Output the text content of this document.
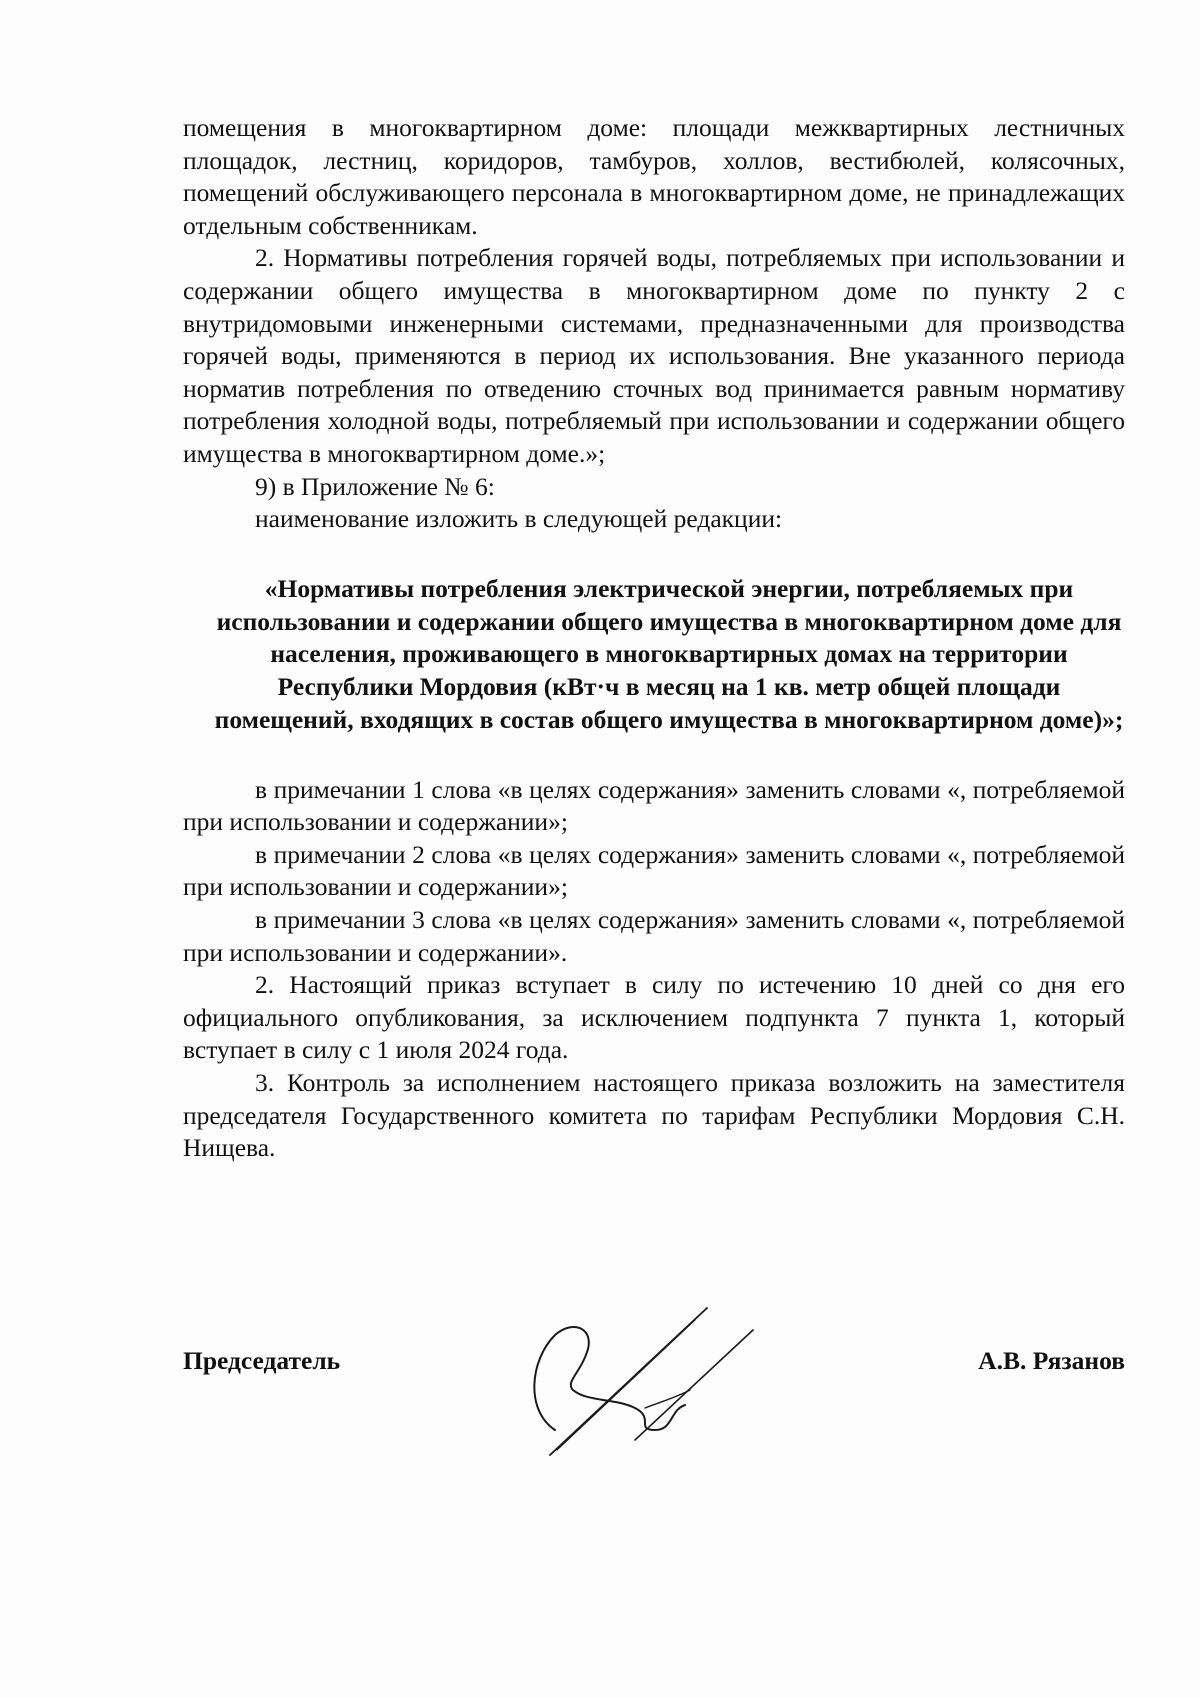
помещения в многоквартирном доме: площади межквартирных лестничных площадок, лестниц, коридоров, тамбуров, холлов, вестибюлей, колясочных, помещений обслуживающего персонала в многоквартирном доме, не принадлежащих отдельным собственникам.

2. Нормативы потребления горячей воды, потребляемых при использовании и содержании общего имущества в многоквартирном доме по пункту 2 с внутридомовыми инженерными системами, предназначенными для производства горячей воды, применяются в период их использования. Вне указанного периода норматив потребления по отведению сточных вод принимается равным нормативу потребления холодной воды, потребляемый при использовании и содержании общего имущества в многоквартирном доме.»;

9) в Приложение № 6:

наименование изложить в следующей редакции:

«Нормативы потребления электрической энергии, потребляемых при использовании и содержании общего имущества в многоквартирном доме для населения, проживающего в многоквартирных домах на территории Республики Мордовия (кВт·ч в месяц на 1 кв. метр общей площади помещений, входящих в состав общего имущества в многоквартирном доме)»;

в примечании 1 слова «в целях содержания» заменить словами «, потребляемой при использовании и содержании»;

в примечании 2 слова «в целях содержания» заменить словами «, потребляемой при использовании и содержании»;

в примечании 3 слова «в целях содержания» заменить словами «, потребляемой при использовании и содержании».

2. Настоящий приказ вступает в силу по истечению 10 дней со дня его официального опубликования, за исключением подпункта 7 пункта 1, который вступает в силу с 1 июля 2024 года.

3. Контроль за исполнением настоящего приказа возложить на заместителя председателя Государственного комитета по тарифам Республики Мордовия С.Н. Нищева.

Председатель	А.В. Рязанов
